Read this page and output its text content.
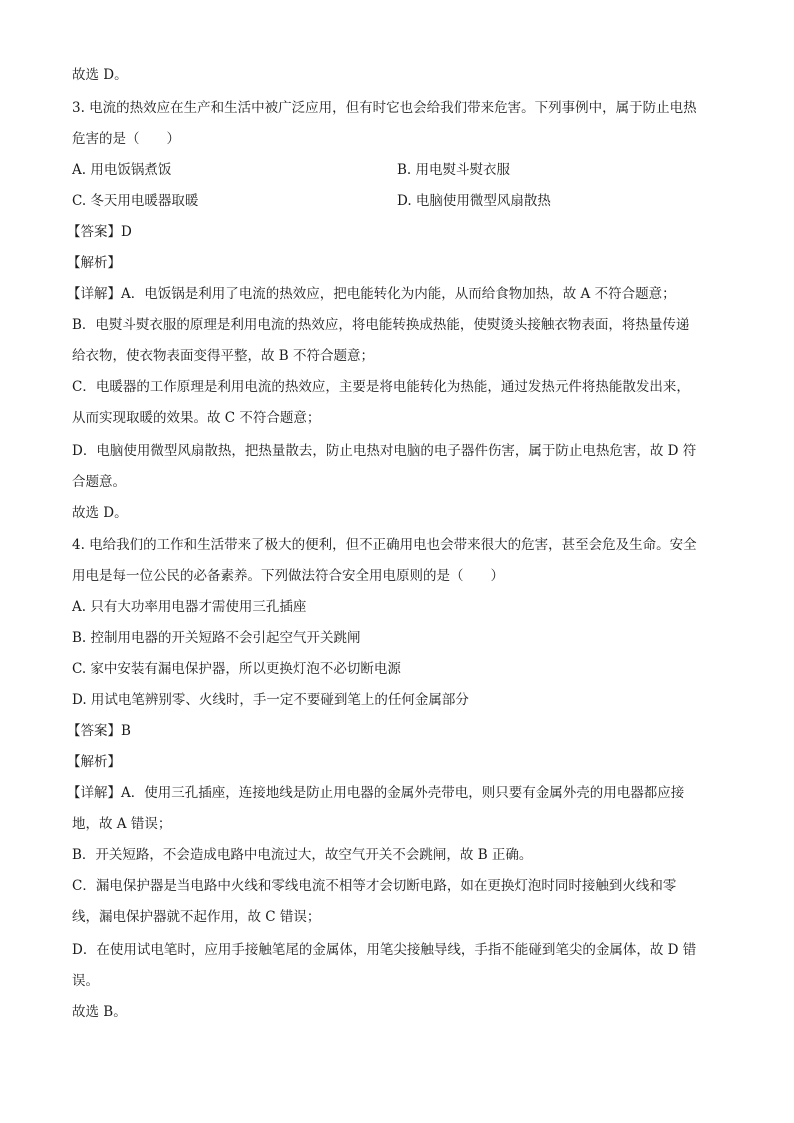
故选 D。
3. 电流的热效应在生产和生活中被广泛应用，但有时它也会给我们带来危害。下列事例中，属于防止电热
危害的是（　　）
A. 用电饭锅煮饭	B. 用电熨斗熨衣服
C. 冬天用电暖器取暖	D. 电脑使用微型风扇散热
【答案】D
【解析】
【详解】A．电饭锅是利用了电流的热效应，把电能转化为内能，从而给食物加热，故 A 不符合题意；
B．电熨斗熨衣服的原理是利用电流的热效应，将电能转换成热能，使熨烫头接触衣物表面，将热量传递
给衣物，使衣物表面变得平整，故 B 不符合题意；
C．电暖器的工作原理是利用电流的热效应，主要是将电能转化为热能，通过发热元件将热能散发出来，
从而实现取暖的效果。故 C 不符合题意；
D．电脑使用微型风扇散热，把热量散去，防止电热对电脑的电子器件伤害，属于防止电热危害，故 D 符
合题意。
故选 D。
4. 电给我们的工作和生活带来了极大的便利，但不正确用电也会带来很大的危害，甚至会危及生命。安全
用电是每一位公民的必备素养。下列做法符合安全用电原则的是（　　）
A. 只有大功率用电器才需使用三孔插座
B. 控制用电器的开关短路不会引起空气开关跳闸
C. 家中安装有漏电保护器，所以更换灯泡不必切断电源
D. 用试电笔辨别零、火线时，手一定不要碰到笔上的任何金属部分
【答案】B
【解析】
【详解】A．使用三孔插座，连接地线是防止用电器的金属外壳带电，则只要有金属外壳的用电器都应接
地，故 A 错误；
B．开关短路，不会造成电路中电流过大，故空气开关不会跳闸，故 B 正确。
C．漏电保护器是当电路中火线和零线电流不相等才会切断电路，如在更换灯泡时同时接触到火线和零
线，漏电保护器就不起作用，故 C 错误；
D．在使用试电笔时，应用手接触笔尾的金属体，用笔尖接触导线，手指不能碰到笔尖的金属体，故 D 错
误。
故选 B。
